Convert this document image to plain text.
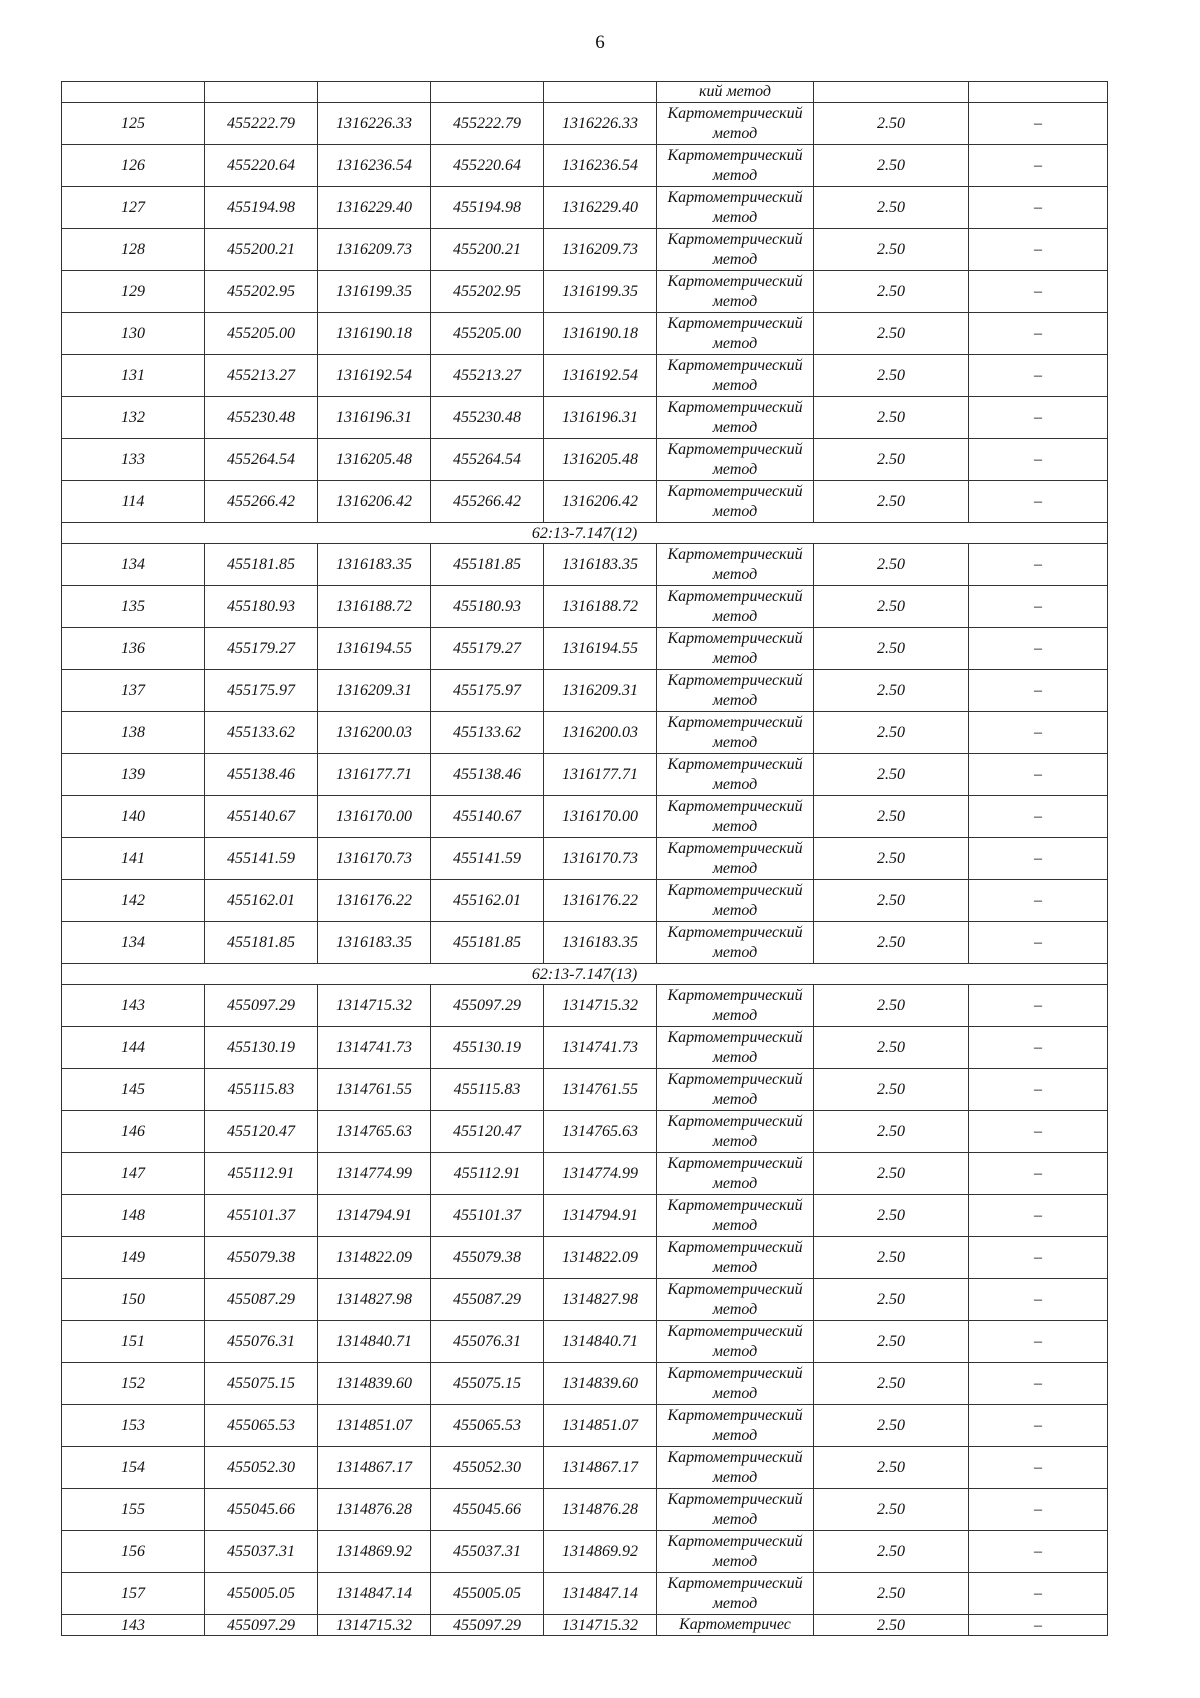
6
					кий метод		
125	455222.79	1316226.33	455222.79	1316226.33	Картометрический метод	2.50	–
126	455220.64	1316236.54	455220.64	1316236.54	Картометрический метод	2.50	–
127	455194.98	1316229.40	455194.98	1316229.40	Картометрический метод	2.50	–
128	455200.21	1316209.73	455200.21	1316209.73	Картометрический метод	2.50	–
129	455202.95	1316199.35	455202.95	1316199.35	Картометрический метод	2.50	–
130	455205.00	1316190.18	455205.00	1316190.18	Картометрический метод	2.50	–
131	455213.27	1316192.54	455213.27	1316192.54	Картометрический метод	2.50	–
132	455230.48	1316196.31	455230.48	1316196.31	Картометрический метод	2.50	–
133	455264.54	1316205.48	455264.54	1316205.48	Картометрический метод	2.50	–
114	455266.42	1316206.42	455266.42	1316206.42	Картометрический метод	2.50	–
62:13-7.147(12)							
134	455181.85	1316183.35	455181.85	1316183.35	Картометрический метод	2.50	–
135	455180.93	1316188.72	455180.93	1316188.72	Картометрический метод	2.50	–
136	455179.27	1316194.55	455179.27	1316194.55	Картометрический метод	2.50	–
137	455175.97	1316209.31	455175.97	1316209.31	Картометрический метод	2.50	–
138	455133.62	1316200.03	455133.62	1316200.03	Картометрический метод	2.50	–
139	455138.46	1316177.71	455138.46	1316177.71	Картометрический метод	2.50	–
140	455140.67	1316170.00	455140.67	1316170.00	Картометрический метод	2.50	–
141	455141.59	1316170.73	455141.59	1316170.73	Картометрический метод	2.50	–
142	455162.01	1316176.22	455162.01	1316176.22	Картометрический метод	2.50	–
134	455181.85	1316183.35	455181.85	1316183.35	Картометрический метод	2.50	–
62:13-7.147(13)							
143	455097.29	1314715.32	455097.29	1314715.32	Картометрический метод	2.50	–
144	455130.19	1314741.73	455130.19	1314741.73	Картометрический метод	2.50	–
145	455115.83	1314761.55	455115.83	1314761.55	Картометрический метод	2.50	–
146	455120.47	1314765.63	455120.47	1314765.63	Картометрический метод	2.50	–
147	455112.91	1314774.99	455112.91	1314774.99	Картометрический метод	2.50	–
148	455101.37	1314794.91	455101.37	1314794.91	Картометрический метод	2.50	–
149	455079.38	1314822.09	455079.38	1314822.09	Картометрический метод	2.50	–
150	455087.29	1314827.98	455087.29	1314827.98	Картометрический метод	2.50	–
151	455076.31	1314840.71	455076.31	1314840.71	Картометрический метод	2.50	–
152	455075.15	1314839.60	455075.15	1314839.60	Картометрический метод	2.50	–
153	455065.53	1314851.07	455065.53	1314851.07	Картометрический метод	2.50	–
154	455052.30	1314867.17	455052.30	1314867.17	Картометрический метод	2.50	–
155	455045.66	1314876.28	455045.66	1314876.28	Картометрический метод	2.50	–
156	455037.31	1314869.92	455037.31	1314869.92	Картометрический метод	2.50	–
157	455005.05	1314847.14	455005.05	1314847.14	Картометрический метод	2.50	–
143	455097.29	1314715.32	455097.29	1314715.32	Картометричес	2.50	–
